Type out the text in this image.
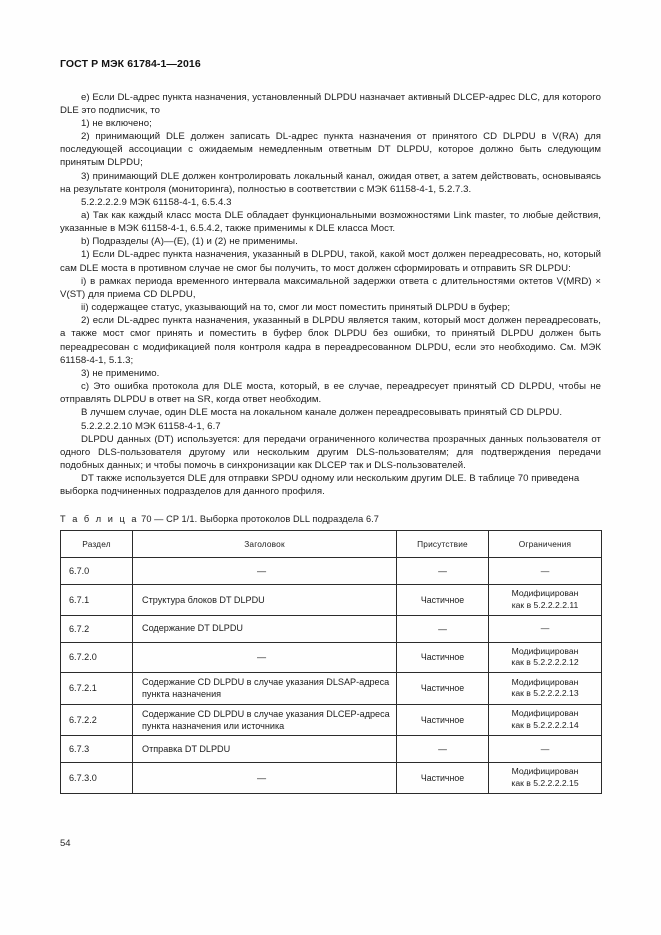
ГОСТ Р МЭК 61784-1—2016

e) Если DL-адрес пункта назначения, установленный DLPDU назначает активный DLCEP-адрес DLC, для которого DLE это подписчик, то

1) не включено;

2) принимающий DLE должен записать DL-адрес пункта назначения от принятого CD DLPDU в V(RA) для последующей ассоциации с ожидаемым немедленным ответным DT DLPDU, которое должно быть следующим принятым DLPDU;

3) принимающий DLE должен контролировать локальный канал, ожидая ответ, а затем действовать, основываясь на результате контроля (мониторинга), полностью в соответствии с МЭК 61158-4-1, 5.2.7.3.

5.2.2.2.2.9 МЭК 61158-4-1, 6.5.4.3

a) Так как каждый класс моста DLE обладает функциональными возможностями Link master, то любые действия, указанные в МЭК 61158-4-1, 6.5.4.2, также применимы к DLE класса Мост.

b) Подразделы (A)—(E), (1) и (2) не применимы.

1) Если DL-адрес пункта назначения, указанный в DLPDU, такой, какой мост должен переадресовать, но, который сам DLE моста в противном случае не смог бы получить, то мост должен сформировать и отправить SR DLPDU:

i) в рамках периода временного интервала максимальной задержки ответа с длительностями октетов V(MRD) × V(ST) для приема CD DLPDU,

ii) содержащее статус, указывающий на то, смог ли мост поместить принятый DLPDU в буфер;

2) если DL-адрес пункта назначения, указанный в DLPDU является таким, который мост должен переадресовать, а также мост смог принять и поместить в буфер блок DLPDU без ошибки, то принятый DLPDU должен быть переадресован с модификацией поля контроля кадра в переадресованном DLPDU, если это необходимо. См. МЭК 61158-4-1, 5.1.3;

3) не применимо.

c) Это ошибка протокола для DLE моста, который, в ее случае, переадресует принятый CD DLPDU, чтобы не отправлять DLPDU в ответ на SR, когда ответ необходим.

В лучшем случае, один DLE моста на локальном канале должен переадресовывать принятый CD DLPDU.

5.2.2.2.2.10 МЭК 61158-4-1, 6.7

DLPDU данных (DT) используется: для передачи ограниченного количества прозрачных данных пользователя от одного DLS-пользователя другому или нескольким другим DLS-пользователям; для подтверждения передачи подобных данных; и чтобы помочь в синхронизации как DLCEP так и DLS-пользователей.

DT также используется DLE для отправки SPDU одному или нескольким другим DLE. В таблице 70 приведена выборка подчиненных подразделов для данного профиля.

Т а б л и ц а 70 — CP 1/1. Выборка протоколов DLL подраздела 6.7
Раздел	Заголовок	Присутствие	Ограничения
6.7.0	—	—	—
6.7.1	Структура блоков DT DLPDU	Частичное	Модифицирован
как в 5.2.2.2.2.11
6.7.2	Содержание DT DLPDU	—	—
6.7.2.0	—	Частичное	Модифицирован
как в 5.2.2.2.2.12
6.7.2.1	Содержание CD DLPDU в случае указания DLSAP-адреса пункта назначения	Частичное	Модифицирован
как в 5.2.2.2.2.13
6.7.2.2	Содержание CD DLPDU в случае указания DLCEP-адреса пункта назначения или источника	Частичное	Модифицирован
как в 5.2.2.2.2.14
6.7.3	Отправка DT DLPDU	—	—
6.7.3.0	—	Частичное	Модифицирован
как в 5.2.2.2.2.15
54
